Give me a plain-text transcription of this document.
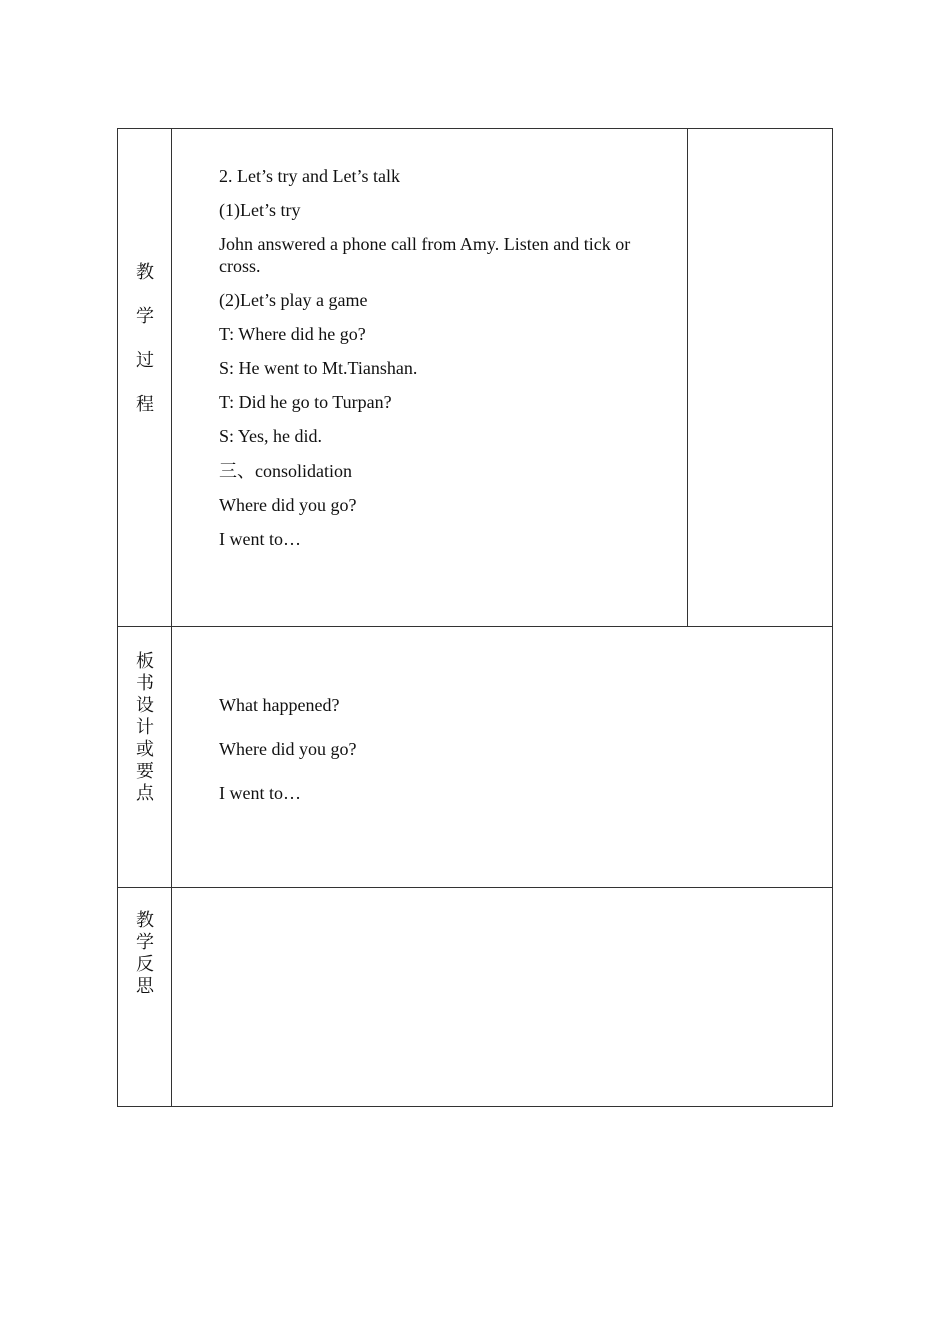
教
学
过
程
2. Let’s try and Let’s talk
(1)Let’s try
John answered a phone call from Amy. Listen and tick or cross.
(2)Let’s play a game
T: Where did he go?
S: He went to Mt.Tianshan.
T: Did he go to Turpan?
S: Yes, he did.
三、consolidation
Where did you go?
I went to…
板
书
设
计
或
要
点
What happened?
Where did you go?
I went to…
教
学
反
思
